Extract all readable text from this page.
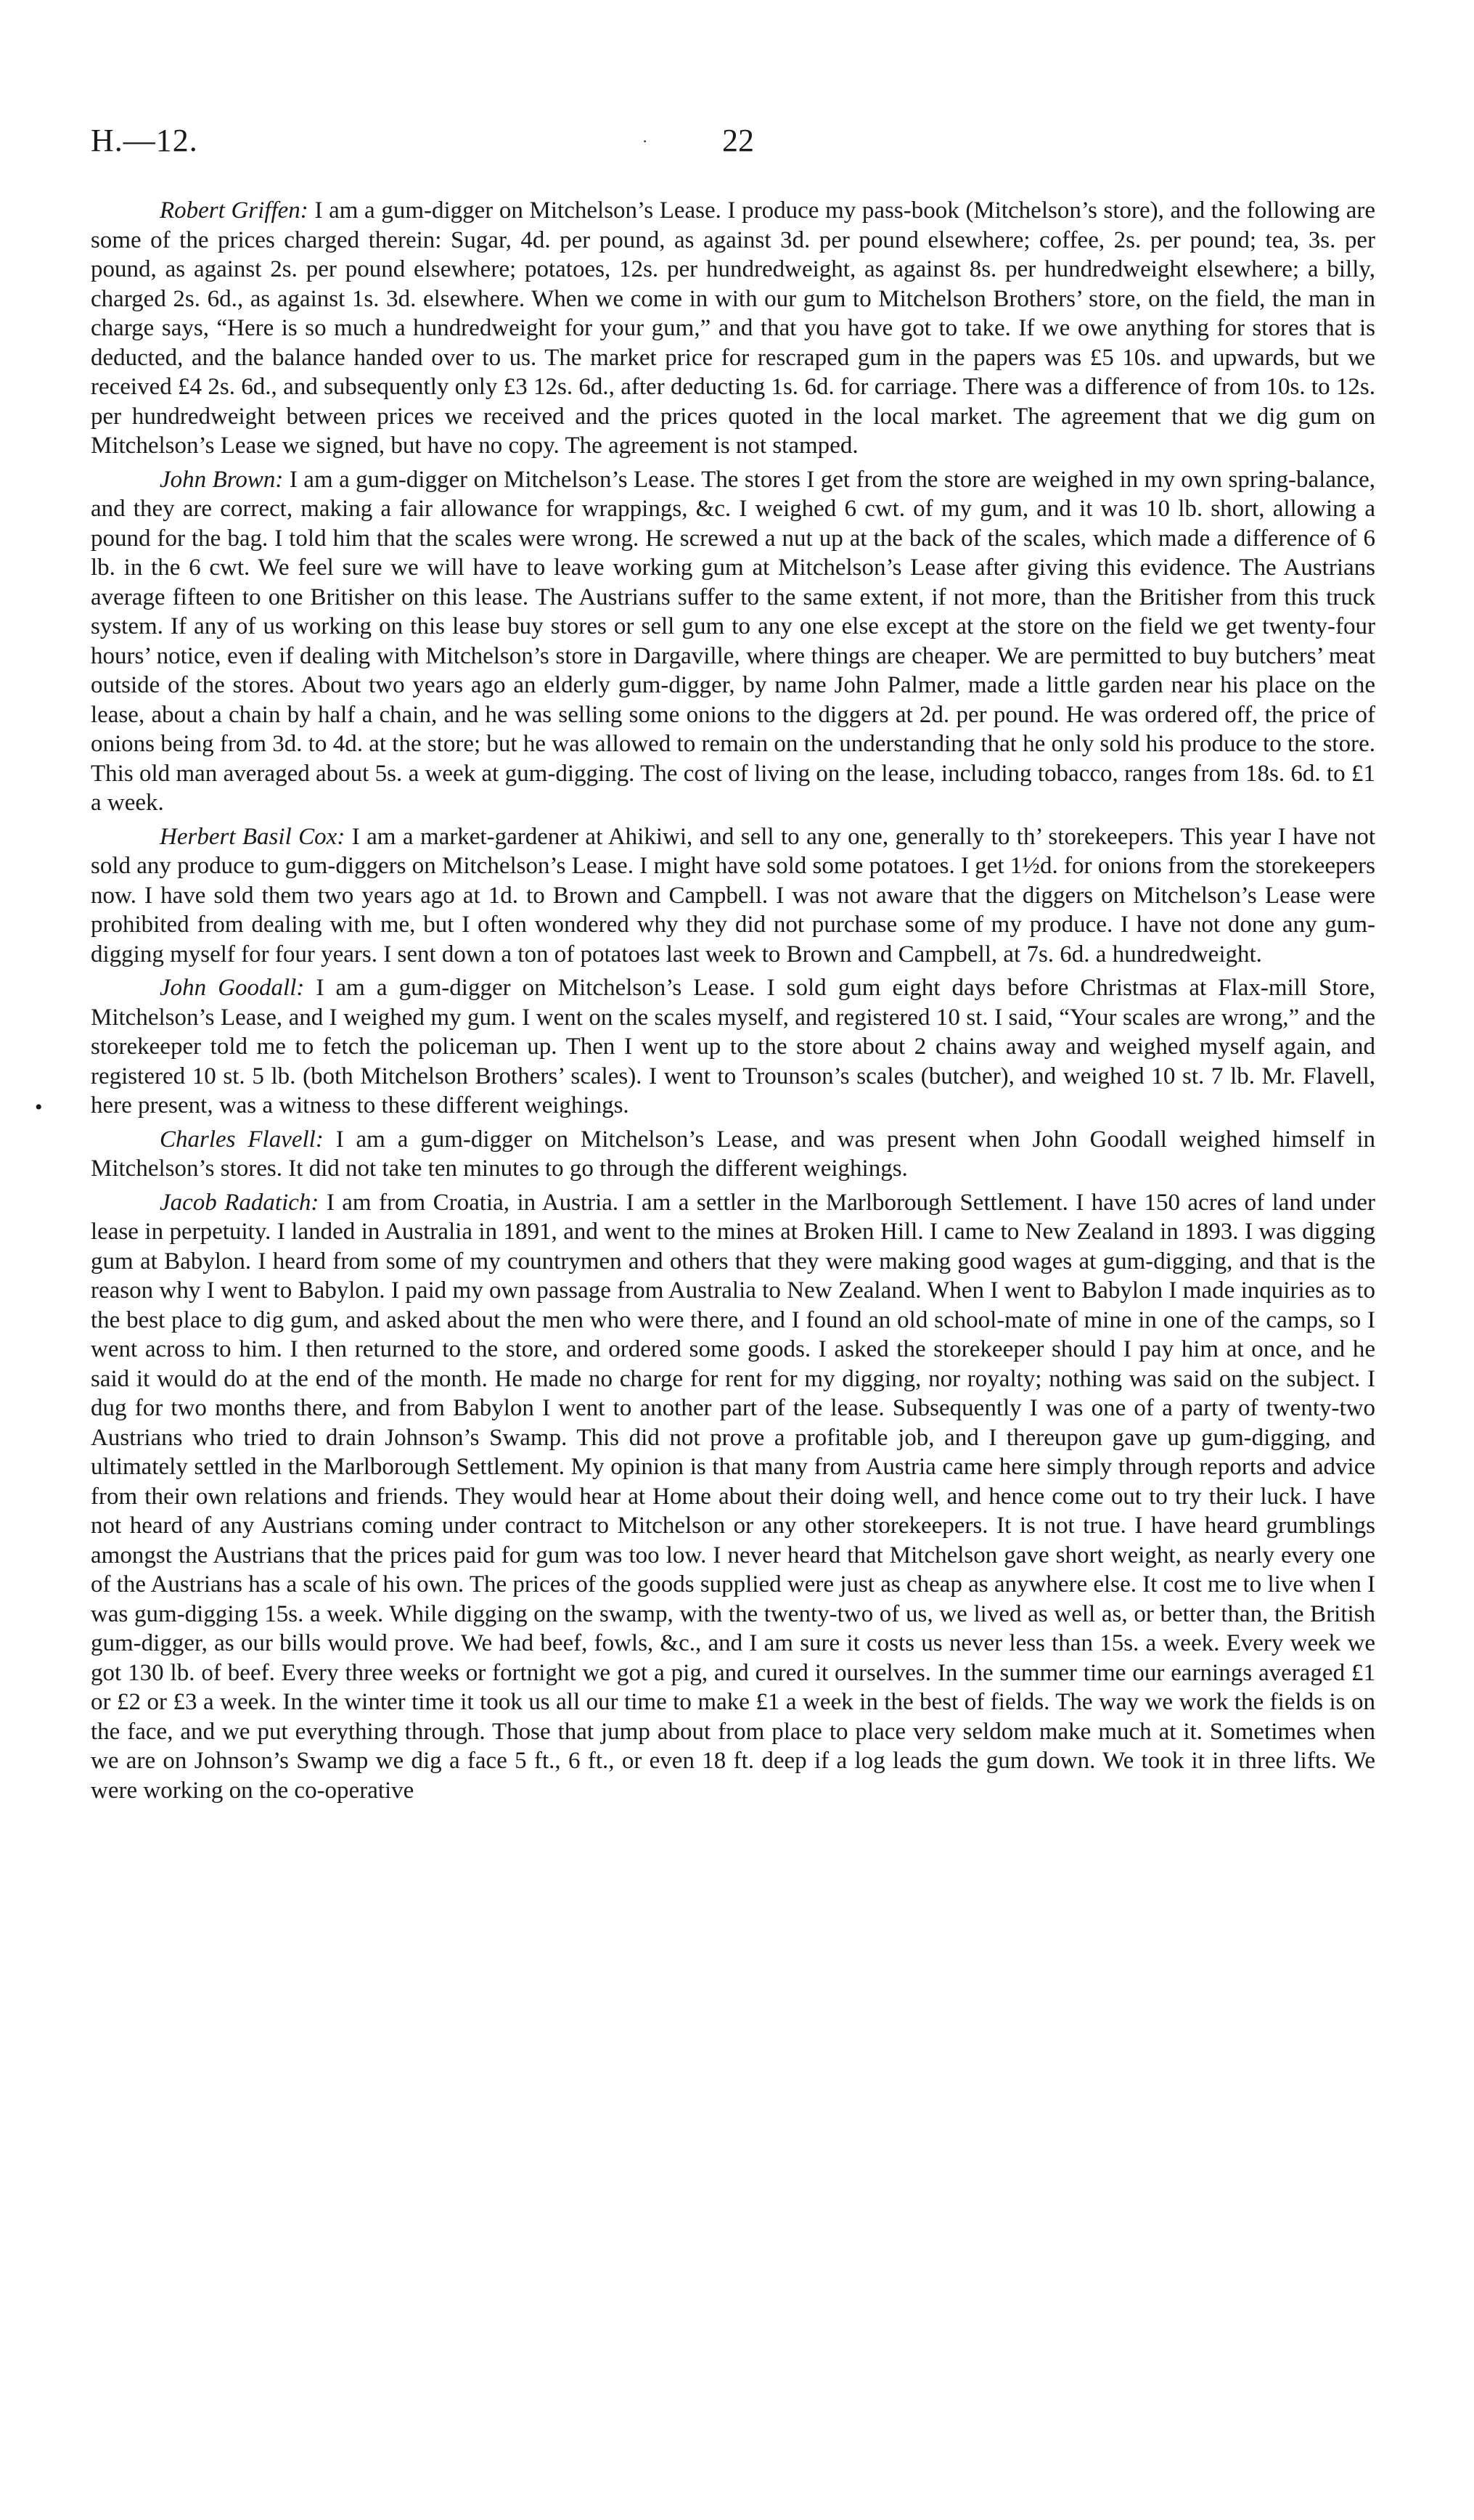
H.—12.	· 22
•

Robert Griffen: I am a gum-digger on Mitchelson’s Lease. I produce my pass-book (Mitchelson’s store), and the following are some of the prices charged therein: Sugar, 4d. per pound, as against 3d. per pound elsewhere; coffee, 2s. per pound; tea, 3s. per pound, as against 2s. per pound elsewhere; potatoes, 12s. per hundredweight, as against 8s. per hundredweight elsewhere; a billy, charged 2s. 6d., as against 1s. 3d. elsewhere. When we come in with our gum to Mitchelson Brothers’ store, on the field, the man in charge says, “Here is so much a hundredweight for your gum,” and that you have got to take. If we owe anything for stores that is deducted, and the balance handed over to us. The market price for rescraped gum in the papers was £5 10s. and upwards, but we received £4 2s. 6d., and subsequently only £3 12s. 6d., after deducting 1s. 6d. for carriage. There was a difference of from 10s. to 12s. per hundredweight between prices we received and the prices quoted in the local market. The agreement that we dig gum on Mitchelson’s Lease we signed, but have no copy. The agreement is not stamped.

John Brown: I am a gum-digger on Mitchelson’s Lease. The stores I get from the store are weighed in my own spring-balance, and they are correct, making a fair allowance for wrappings, &c. I weighed 6 cwt. of my gum, and it was 10 lb. short, allowing a pound for the bag. I told him that the scales were wrong. He screwed a nut up at the back of the scales, which made a difference of 6 lb. in the 6 cwt. We feel sure we will have to leave working gum at Mitchelson’s Lease after giving this evidence. The Austrians average fifteen to one Britisher on this lease. The Austrians suffer to the same extent, if not more, than the Britisher from this truck system. If any of us working on this lease buy stores or sell gum to any one else except at the store on the field we get twenty-four hours’ notice, even if dealing with Mitchelson’s store in Dargaville, where things are cheaper. We are permitted to buy butchers’ meat outside of the stores. About two years ago an elderly gum-digger, by name John Palmer, made a little garden near his place on the lease, about a chain by half a chain, and he was selling some onions to the diggers at 2d. per pound. He was ordered off, the price of onions being from 3d. to 4d. at the store; but he was allowed to remain on the understanding that he only sold his produce to the store. This old man averaged about 5s. a week at gum-digging. The cost of living on the lease, including tobacco, ranges from 18s. 6d. to £1 a week.

Herbert Basil Cox: I am a market-gardener at Ahikiwi, and sell to any one, generally to th’ storekeepers. This year I have not sold any produce to gum-diggers on Mitchelson’s Lease. I might have sold some potatoes. I get 1½d. for onions from the storekeepers now. I have sold them two years ago at 1d. to Brown and Campbell. I was not aware that the diggers on Mitchelson’s Lease were prohibited from dealing with me, but I often wondered why they did not purchase some of my produce. I have not done any gum-digging myself for four years. I sent down a ton of potatoes last week to Brown and Campbell, at 7s. 6d. a hundredweight.

John Goodall: I am a gum-digger on Mitchelson’s Lease. I sold gum eight days before Christmas at Flax-mill Store, Mitchelson’s Lease, and I weighed my gum. I went on the scales myself, and registered 10 st. I said, “Your scales are wrong,” and the storekeeper told me to fetch the policeman up. Then I went up to the store about 2 chains away and weighed myself again, and registered 10 st. 5 lb. (both Mitchelson Brothers’ scales). I went to Trounson’s scales (butcher), and weighed 10 st. 7 lb. Mr. Flavell, here present, was a witness to these different weighings.

Charles Flavell: I am a gum-digger on Mitchelson’s Lease, and was present when John Goodall weighed himself in Mitchelson’s stores. It did not take ten minutes to go through the different weighings.

Jacob Radatich: I am from Croatia, in Austria. I am a settler in the Marlborough Settlement. I have 150 acres of land under lease in perpetuity. I landed in Australia in 1891, and went to the mines at Broken Hill. I came to New Zealand in 1893. I was digging gum at Babylon. I heard from some of my countrymen and others that they were making good wages at gum-digging, and that is the reason why I went to Babylon. I paid my own passage from Australia to New Zealand. When I went to Babylon I made inquiries as to the best place to dig gum, and asked about the men who were there, and I found an old school-mate of mine in one of the camps, so I went across to him. I then returned to the store, and ordered some goods. I asked the storekeeper should I pay him at once, and he said it would do at the end of the month. He made no charge for rent for my digging, nor royalty; nothing was said on the subject. I dug for two months there, and from Babylon I went to another part of the lease. Subsequently I was one of a party of twenty-two Austrians who tried to drain Johnson’s Swamp. This did not prove a profitable job, and I thereupon gave up gum-digging, and ultimately settled in the Marlborough Settlement. My opinion is that many from Austria came here simply through reports and advice from their own relations and friends. They would hear at Home about their doing well, and hence come out to try their luck. I have not heard of any Austrians coming under contract to Mitchelson or any other storekeepers. It is not true. I have heard grumblings amongst the Austrians that the prices paid for gum was too low. I never heard that Mitchelson gave short weight, as nearly every one of the Austrians has a scale of his own. The prices of the goods supplied were just as cheap as anywhere else. It cost me to live when I was gum-digging 15s. a week. While digging on the swamp, with the twenty-two of us, we lived as well as, or better than, the British gum-digger, as our bills would prove. We had beef, fowls, &c., and I am sure it costs us never less than 15s. a week. Every week we got 130 lb. of beef. Every three weeks or fortnight we got a pig, and cured it ourselves. In the summer time our earnings averaged £1 or £2 or £3 a week. In the winter time it took us all our time to make £1 a week in the best of fields. The way we work the fields is on the face, and we put everything through. Those that jump about from place to place very seldom make much at it. Sometimes when we are on Johnson’s Swamp we dig a face 5 ft., 6 ft., or even 18 ft. deep if a log leads the gum down. We took it in three lifts. We were working on the co-operative
